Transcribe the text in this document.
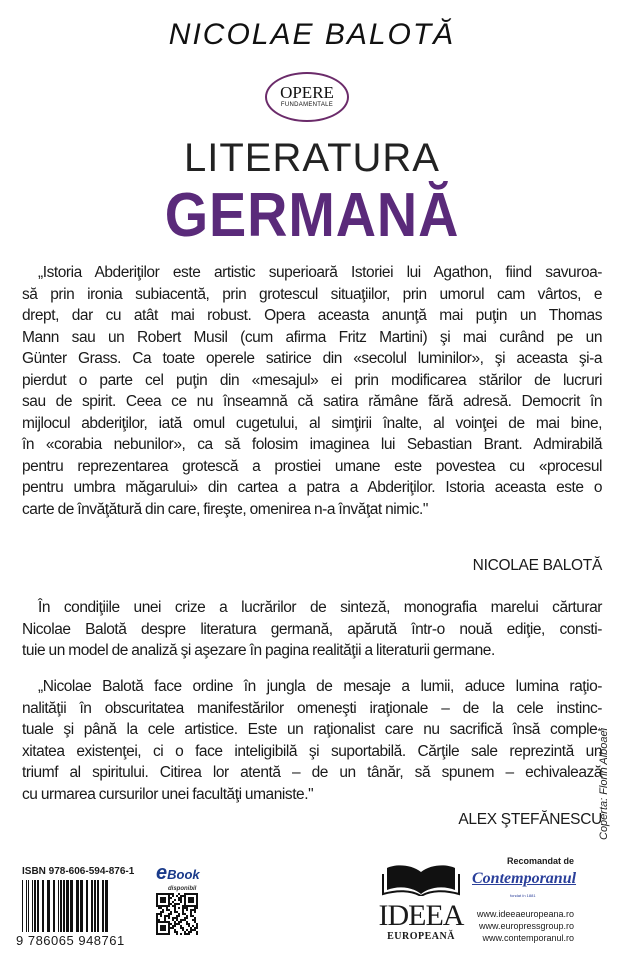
NICOLAE BALOTĂ
OPERE
FUNDAMENTALE
LITERATURA
GERMANĂ
„Istoria Abderiţilor este artistic superioară Istoriei lui Agathon, fiind savuroa-
să prin ironia subiacentă, prin grotescul situaţiilor, prin umorul cam vârtos, e
drept, dar cu atât mai robust. Opera aceasta anunţă mai puţin un Thomas
Mann sau un Robert Musil (cum afirma Fritz Martini) şi mai curând pe un
Günter Grass. Ca toate operele satirice din «secolul luminilor», şi aceasta şi-a
pierdut o parte cel puţin din «mesajul» ei prin modificarea stărilor de lucruri
sau de spirit. Ceea ce nu înseamnă că satira rămâne fără adresă. Democrit în
mijlocul abderiţilor, iată omul cugetului, al simţirii înalte, al voinţei de mai bine,
în «corabia nebunilor», ca să folosim imaginea lui Sebastian Brant. Admirabilă
pentru reprezentarea grotescă a prostiei umane este povestea cu «procesul
pentru umbra măgarului» din cartea a patra a Abderiţilor. Istoria aceasta este o
carte de învăţătură din care, fireşte, omenirea n-a învăţat nimic."
NICOLAE BALOTĂ
În condiţiile unei crize a lucrărilor de sinteză, monografia marelui cărturar
Nicolae Balotă despre literatura germană, apărută într-o nouă ediţie, consti-
tuie un model de analiză şi aşezare în pagina realităţii a literaturii germane.
„Nicolae Balotă face ordine în jungla de mesaje a lumii, aduce lumina raţio-
nalităţii în obscuritatea manifestărilor omeneşti iraţionale – de la cele instinc-
tuale şi până la cele artistice. Este un raţionalist care nu sacrifică însă comple-
xitatea existenţei, ci o face inteligibilă şi suportabilă. Cărţile sale reprezintă un
triumf al spiritului. Citirea lor atentă – de un tânăr, să spunem – echivalează
cu urmarea cursurilor unei facultăţi umaniste."
ALEX ŞTEFĂNESCU
Coperta: Florin Alboaei
ISBN 978-606-594-876-1
9 786065 948761
eBook
disponibil
IDEEA
EUROPEANĂ
Recomandat de
Contemporanul
fondat în 1881
www.ideeaeuropeana.ro
www.europressgroup.ro
www.contemporanul.ro
